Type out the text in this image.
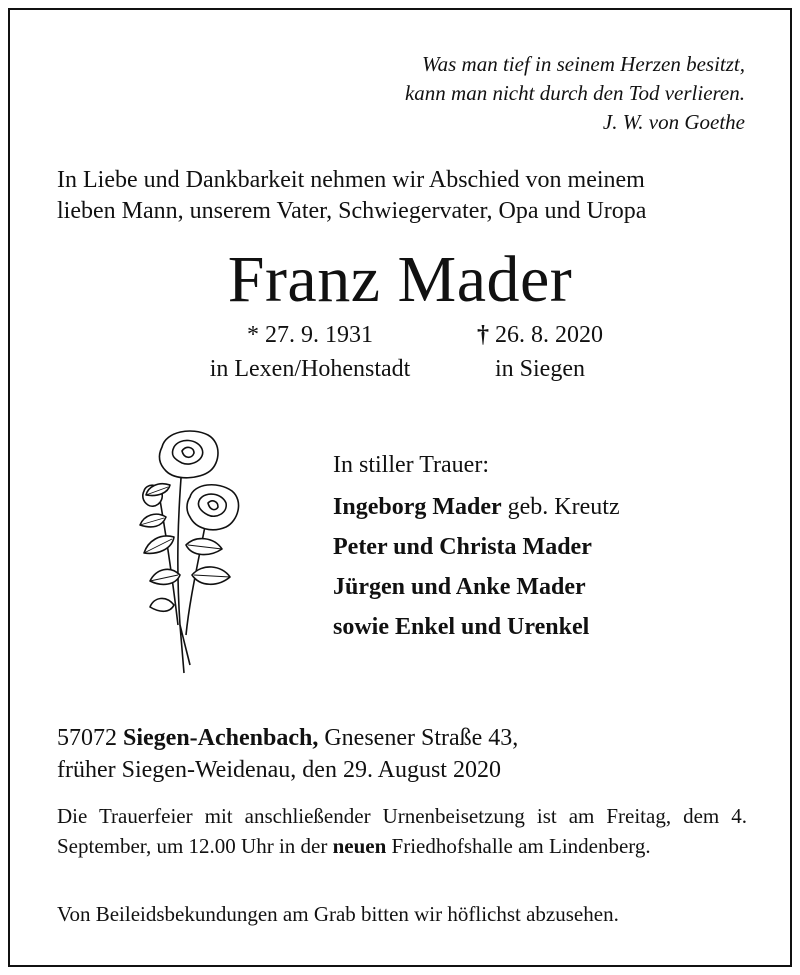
Was man tief in seinem Herzen besitzt,
kann man nicht durch den Tod verlieren.
J. W. von Goethe
In Liebe und Dankbarkeit nehmen wir Abschied von meinem
lieben Mann, unserem Vater, Schwiegervater, Opa und Uropa
Franz Mader
* 27. 9. 1931
in Lexen/Hohenstadt
† 26. 8. 2020
in Siegen
In stiller Trauer:
Ingeborg Mader geb. Kreutz
Peter und Christa Mader
Jürgen und Anke Mader
sowie Enkel und Urenkel
57072 Siegen-Achenbach, Gnesener Straße 43,
früher Siegen-Weidenau, den 29. August 2020
Die Trauerfeier mit anschließender Urnenbeisetzung ist am Freitag, dem 4. September, um 12.00 Uhr in der neuen Friedhofshalle am Lindenberg.
Von Beileidsbekundungen am Grab bitten wir höflichst abzusehen.
